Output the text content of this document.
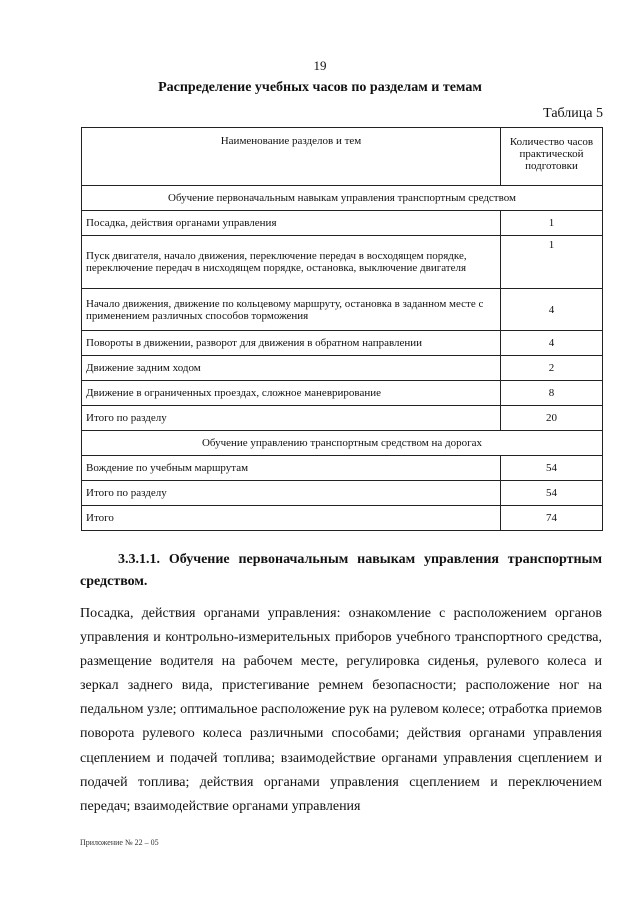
19
Распределение учебных часов по разделам и темам
Таблица 5
Наименование разделов и тем	Количество часов практической подготовки
Обучение первоначальным навыкам управления транспортным средством	
Посадка, действия органами управления	1
Пуск двигателя, начало движения, переключение передач в восходящем порядке, переключение передач в нисходящем порядке, остановка, выключение двигателя	1
Начало движения, движение по кольцевому маршруту, остановка в заданном месте с применением различных способов торможения	4
Повороты в движении, разворот для движения в обратном направлении	4
Движение задним ходом	2
Движение в ограниченных проездах, сложное маневрирование	8
Итого по разделу	20
Обучение управлению транспортным средством на дорогах	
Вождение по учебным маршрутам	54
Итого по разделу	54
Итого	74
3.3.1.1. Обучение первоначальным навыкам управления транспортным средством.

Посадка, действия органами управления: ознакомление с расположением органов управления и контрольно-измерительных приборов учебного транспортного средства, размещение водителя на рабочем месте, регулировка сиденья, рулевого колеса и зеркал заднего вида, пристегивание ремнем безопасности; расположение ног на педальном узле; оптимальное расположение рук на рулевом колесе; отработка приемов поворота рулевого колеса различными способами; действия органами управления сцеплением и подачей топлива; взаимодействие органами управления сцеплением и подачей топлива; действия органами управления сцеплением и переключением передач; взаимодействие органами управления

Приложение № 22 – 05
